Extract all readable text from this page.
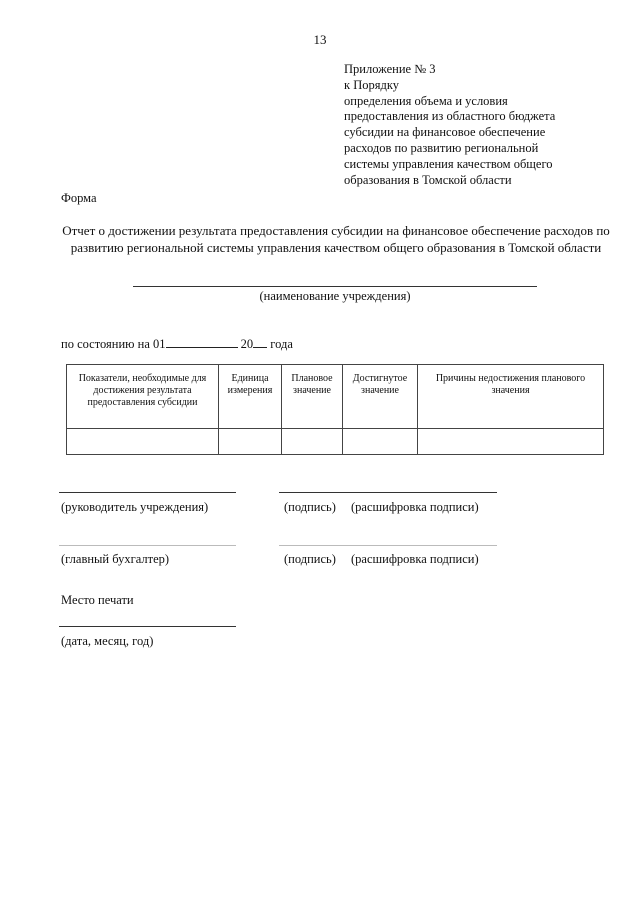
13
Приложение № 3
к Порядку
определения объема и условия
предоставления из областного бюджета
субсидии на финансовое обеспечение
расходов по развитию региональной
системы управления качеством общего
образования в Томской области
Форма
Отчет о достижении результата предоставления субсидии на финансовое обеспечение расходов по развитию региональной системы управления качеством общего образования в Томской области
(наименование учреждения)
по состоянию на 01	20 года
Показатели, необходимые для достижения результата предоставления субсидии	Единица измерения	Плановое значение	Достигнутое значение	Причины недостижения планового значения

(руководитель учреждения)	(подпись) (расшифровка подписи)
(главный бухгалтер)	(подпись) (расшифровка подписи)
Место печати
(дата, месяц, год)
